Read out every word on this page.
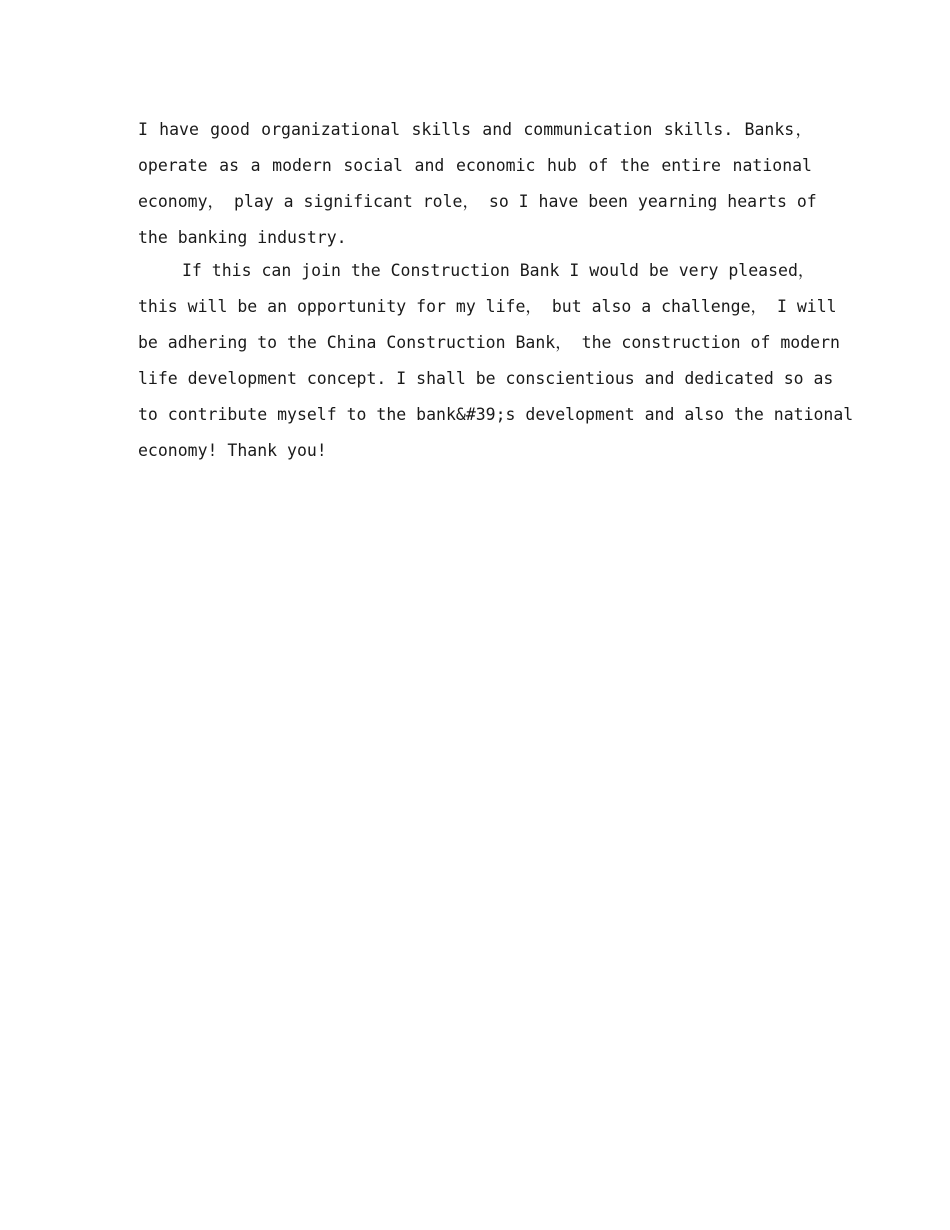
I have good organizational skills and communication skills. Banks，
operate as a modern social and economic hub of the entire national
economy， play a significant role， so I have been yearning hearts of
the banking industry.
If this can join the Construction Bank I would be very pleased，
this will be an opportunity for my life， but also a challenge， I will
be adhering to the China Construction Bank， the construction of modern
life development concept. I shall be conscientious and dedicated so as
to contribute myself to the bank&#39;s development and also the national
economy! Thank you!
